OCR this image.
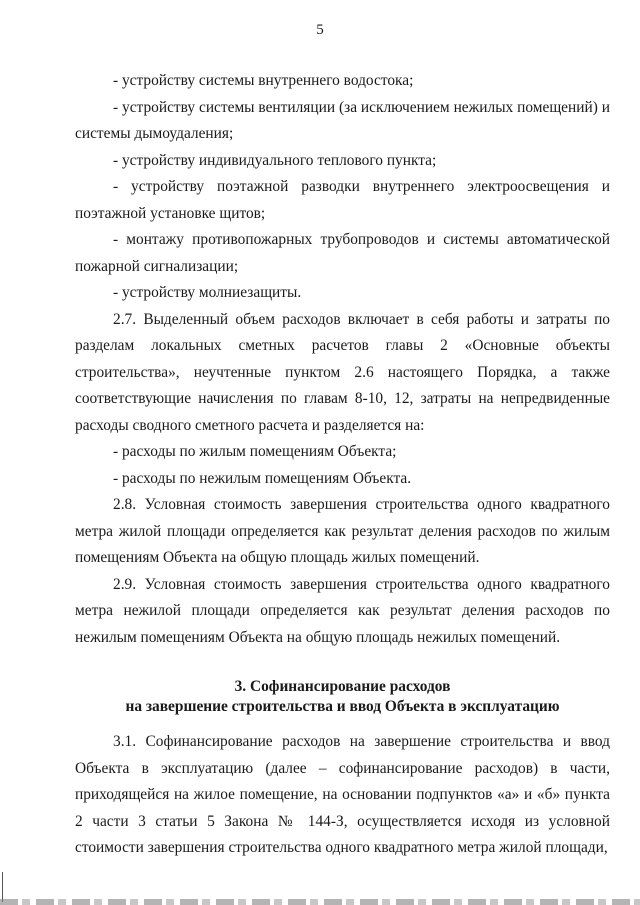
5

- устройству системы внутреннего водостока;

- устройству системы вентиляции (за исключением нежилых помещений) и системы дымоудаления;

- устройству индивидуального теплового пункта;

- устройству поэтажной разводки внутреннего электроосвещения и поэтажной установке щитов;

- монтажу противопожарных трубопроводов и системы автоматической пожарной сигнализации;

- устройству молниезащиты.

2.7. Выделенный объем расходов включает в себя работы и затраты по разделам локальных сметных расчетов главы 2 «Основные объекты строительства», неучтенные пунктом 2.6 настоящего Порядка, а также соответствующие начисления по главам 8-10, 12, затраты на непредвиденные расходы сводного сметного расчета и разделяется на:

- расходы по жилым помещениям Объекта;

- расходы по нежилым помещениям Объекта.

2.8. Условная стоимость завершения строительства одного квадратного метра жилой площади определяется как результат деления расходов по жилым помещениям Объекта на общую площадь жилых помещений.

2.9. Условная стоимость завершения строительства одного квадратного метра нежилой площади определяется как результат деления расходов по нежилым помещениям Объекта на общую площадь нежилых помещений.

3. Софинансирование расходов
на завершение строительства и ввод Объекта в эксплуатацию

3.1. Софинансирование расходов на завершение строительства и ввод Объекта в эксплуатацию (далее – софинансирование расходов) в части, приходящейся на жилое помещение, на основании подпунктов «а» и «б» пункта 2 части 3 статьи 5 Закона № 144-З, осуществляется исходя из условной стоимости завершения строительства одного квадратного метра жилой площади,
